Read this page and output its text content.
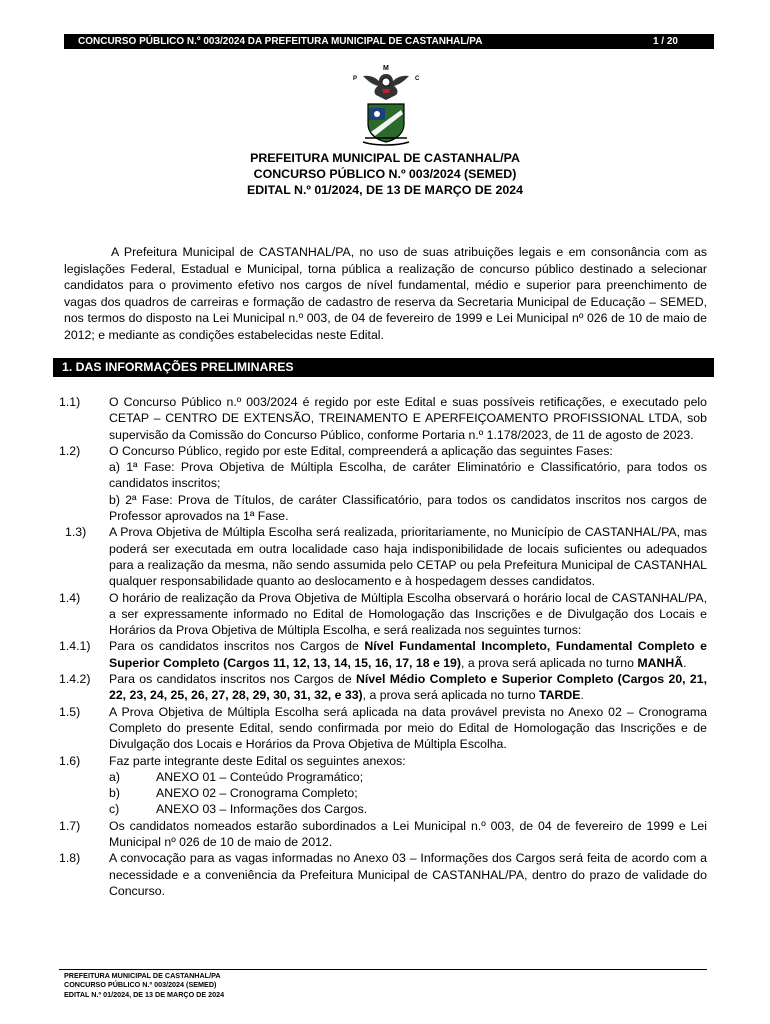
CONCURSO PÚBLICO N.º 003/2024 DA PREFEITURA MUNICIPAL DE CASTANHAL/PA	1 / 20
M
P	C
PREFEITURA MUNICIPAL DE CASTANHAL/PA
CONCURSO PÚBLICO N.º 003/2024 (SEMED)
EDITAL N.º 01/2024, DE 13 DE MARÇO DE 2024

A Prefeitura Municipal de CASTANHAL/PA, no uso de suas atribuições legais e em consonância com as legislações Federal, Estadual e Municipal, torna pública a realização de concurso público destinado a selecionar candidatos para o provimento efetivo nos cargos de nível fundamental, médio e superior para preenchimento de vagas dos quadros de carreiras e formação de cadastro de reserva da Secretaria Municipal de Educação – SEMED, nos termos do disposto na Lei Municipal n.º 003, de 04 de fevereiro de 1999 e Lei Municipal nº 026 de 10 de maio de 2012; e mediante as condições estabelecidas neste Edital.

1. DAS INFORMAÇÕES PRELIMINARES
1.1) O Concurso Público n.º 003/2024 é regido por este Edital e suas possíveis retificações, e executado pelo CETAP – CENTRO DE EXTENSÃO, TREINAMENTO E APERFEIÇOAMENTO PROFISSIONAL LTDA, sob supervisão da Comissão do Concurso Público, conforme Portaria n.º 1.178/2023, de 11 de agosto de 2023.

1.2) O Concurso Público, regido por este Edital, compreenderá a aplicação das seguintes Fases:

a) 1ª Fase: Prova Objetiva de Múltipla Escolha, de caráter Eliminatório e Classificatório, para todos os candidatos inscritos;

b) 2ª Fase: Prova de Títulos, de caráter Classificatório, para todos os candidatos inscritos nos cargos de Professor aprovados na 1ª Fase.

1.3) A Prova Objetiva de Múltipla Escolha será realizada, prioritariamente, no Município de CASTANHAL/PA, mas poderá ser executada em outra localidade caso haja indisponibilidade de locais suficientes ou adequados para a realização da mesma, não sendo assumida pelo CETAP ou pela Prefeitura Municipal de CASTANHAL qualquer responsabilidade quanto ao deslocamento e à hospedagem desses candidatos.

1.4) O horário de realização da Prova Objetiva de Múltipla Escolha observará o horário local de CASTANHAL/PA, a ser expressamente informado no Edital de Homologação das Inscrições e de Divulgação dos Locais e Horários da Prova Objetiva de Múltipla Escolha, e será realizada nos seguintes turnos:

1.4.1) Para os candidatos inscritos nos Cargos de Nível Fundamental Incompleto, Fundamental Completo e Superior Completo (Cargos 11, 12, 13, 14, 15, 16, 17, 18 e 19), a prova será aplicada no turno MANHÃ.

1.4.2) Para os candidatos inscritos nos Cargos de Nível Médio Completo e Superior Completo (Cargos 20, 21, 22, 23, 24, 25, 26, 27, 28, 29, 30, 31, 32, e 33), a prova será aplicada no turno TARDE.

1.5) A Prova Objetiva de Múltipla Escolha será aplicada na data provável prevista no Anexo 02 – Cronograma Completo do presente Edital, sendo confirmada por meio do Edital de Homologação das Inscrições e de Divulgação dos Locais e Horários da Prova Objetiva de Múltipla Escolha.

1.6) Faz parte integrante deste Edital os seguintes anexos:

a)	ANEXO 01 – Conteúdo Programático;
b)	ANEXO 02 – Cronograma Completo;
c)	ANEXO 03 – Informações dos Cargos.
1.7) Os candidatos nomeados estarão subordinados a Lei Municipal n.º 003, de 04 de fevereiro de 1999 e Lei Municipal nº 026 de 10 de maio de 2012.

1.8) A convocação para as vagas informadas no Anexo 03 – Informações dos Cargos será feita de acordo com a necessidade e a conveniência da Prefeitura Municipal de CASTANHAL/PA, dentro do prazo de validade do Concurso.

PREFEITURA MUNICIPAL DE CASTANHAL/PA
CONCURSO PÚBLICO N.º 003/2024 (SEMED)
EDITAL N.º 01/2024, DE 13 DE MARÇO DE 2024
